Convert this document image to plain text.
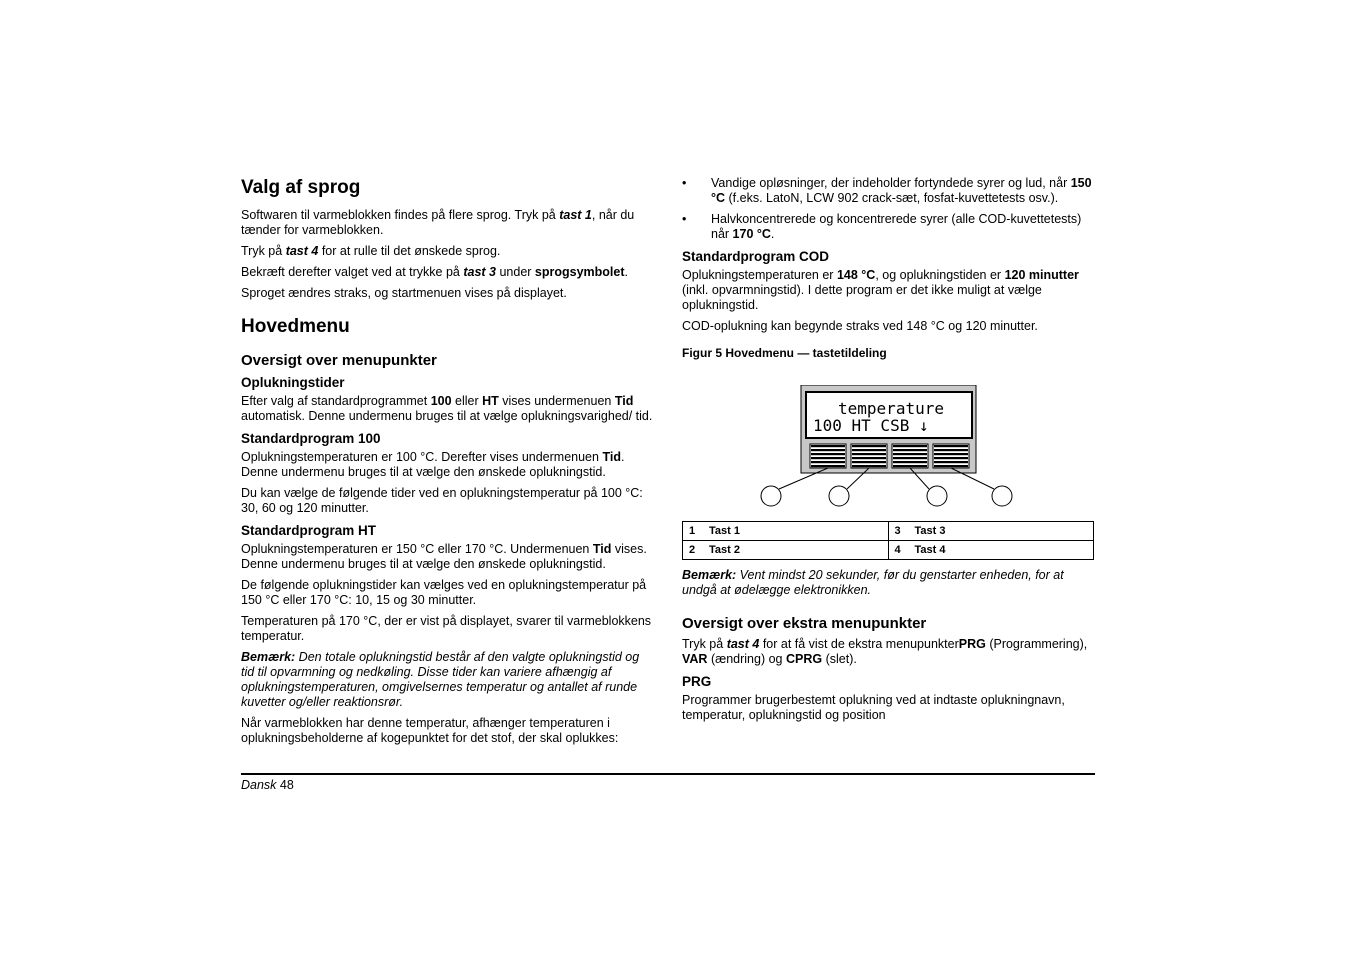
Valg af sprog

Softwaren til varmeblokken findes på flere sprog. Tryk på tast 1, når du tænder for varmeblokken.

Tryk på tast 4 for at rulle til det ønskede sprog.

Bekræft derefter valget ved at trykke på tast 3 under sprogsymbolet.

Sproget ændres straks, og startmenuen vises på displayet.

Hovedmenu
Oversigt over menupunkter
Oplukningstider

Efter valg af standardprogrammet 100 eller HT vises undermenuen Tid automatisk. Denne undermenu bruges til at vælge oplukningsvarighed/ tid.

Standardprogram 100

Oplukningstemperaturen er 100 °C. Derefter vises undermenuen Tid. Denne undermenu bruges til at vælge den ønskede oplukningstid.

Du kan vælge de følgende tider ved en oplukningstemperatur på 100 °C: 30, 60 og 120 minutter.

Standardprogram HT

Oplukningstemperaturen er 150 °C eller 170 °C. Undermenuen Tid vises. Denne undermenu bruges til at vælge den ønskede oplukningstid.

De følgende oplukningstider kan vælges ved en oplukningstemperatur på 150 °C eller 170 °C: 10, 15 og 30 minutter.

Temperaturen på 170 °C, der er vist på displayet, svarer til varmeblokkens temperatur.

Bemærk: Den totale oplukningstid består af den valgte oplukningstid og tid til opvarmning og nedkøling. Disse tider kan variere afhængig af oplukningstemperaturen, omgivelsernes temperatur og antallet af runde kuvetter og/eller reaktionsrør.

Når varmeblokken har denne temperatur, afhænger temperaturen i oplukningsbeholderne af kogepunktet for det stof, der skal oplukkes:

• Vandige opløsninger, der indeholder fortyndede syrer og lud, når 150 °C (f.eks. LatoN, LCW 902 crack-sæt, fosfat-kuvettetests osv.).
• Halvkoncentrerede og koncentrerede syrer (alle COD-kuvettetests) når 170 °C.
Standardprogram COD

Oplukningstemperaturen er 148 °C, og oplukningstiden er 120 minutter (inkl. opvarmningstid). I dette program er det ikke muligt at vælge oplukningstid.

COD-oplukning kan begynde straks ved 148 °C og 120 minutter.

Figur 5 Hovedmenu — tastetildeling

temperature
100 HT CSB ↓
1	Tast 1	3	Tast 3
2	Tast 2	4	Tast 4

Bemærk: Vent mindst 20 sekunder, før du genstarter enheden, for at undgå at ødelægge elektronikken.

Oversigt over ekstra menupunkter

Tryk på tast 4 for at få vist de ekstra menupunkterPRG (Programmering), VAR (ændring) og CPRG (slet).

PRG

Programmer brugerbestemt oplukning ved at indtaste oplukningnavn, temperatur, oplukningstid og position

Dansk 48
